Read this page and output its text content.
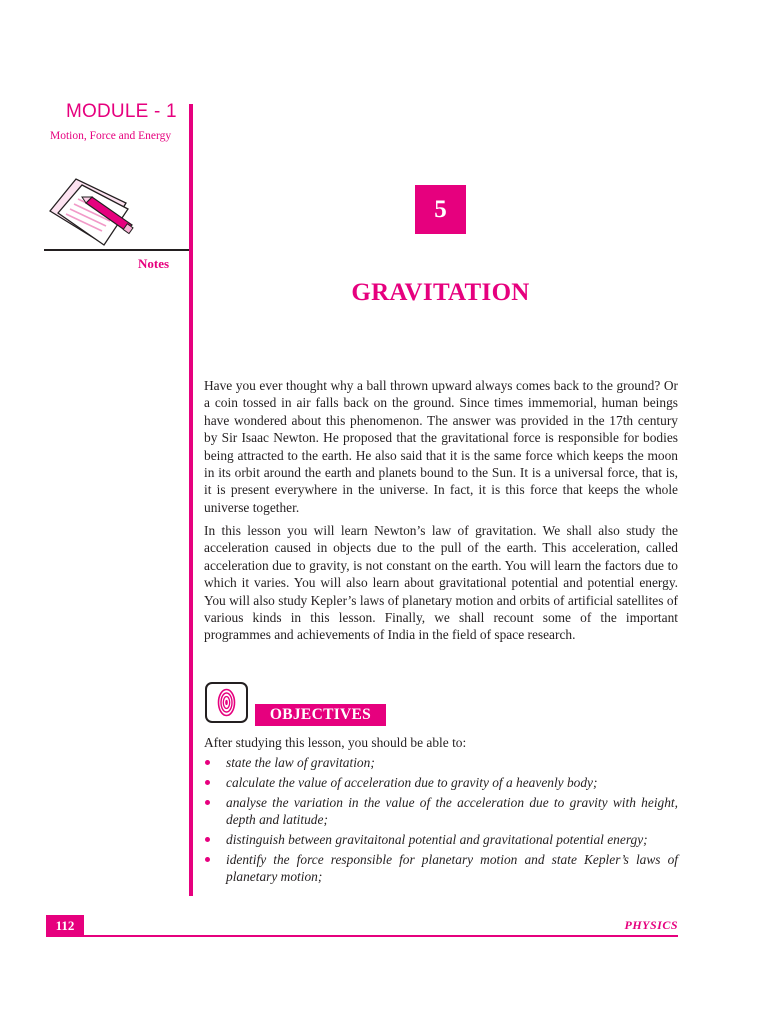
MODULE - 1
Motion, Force and Energy
Notes
5
GRAVITATION

Have you ever thought why a ball thrown upward always comes back to the ground? Or a coin tossed in air falls back on the ground. Since times immemorial, human beings have wondered about this phenomenon. The answer was provided in the 17th century by Sir Isaac Newton. He proposed that the gravitational force is responsible for bodies being attracted to the earth. He also said that it is the same force which keeps the moon in its orbit around the earth and planets bound to the Sun. It is a universal force, that is, it is present everywhere in the universe. In fact, it is this force that keeps the whole universe together.

In this lesson you will learn Newton’s law of gravitation. We shall also study the acceleration caused in objects due to the pull of the earth. This acceleration, called acceleration due to gravity, is not constant on the earth. You will learn the factors due to which it varies. You will also learn about gravitational potential and potential energy. You will also study Kepler’s laws of planetary motion and orbits of artificial satellites of various kinds in this lesson. Finally, we shall recount some of the important programmes and achievements of India in the field of space research.

OBJECTIVES
After studying this lesson, you should be able to:
state the law of gravitation;
calculate the value of acceleration due to gravity of a heavenly body;
analyse the variation in the value of the acceleration due to gravity with height, depth and latitude;
distinguish between gravitaitonal potential and gravitational potential energy;
identify the force responsible for planetary motion and state Kepler’s laws of planetary motion;
112	PHYSICS
